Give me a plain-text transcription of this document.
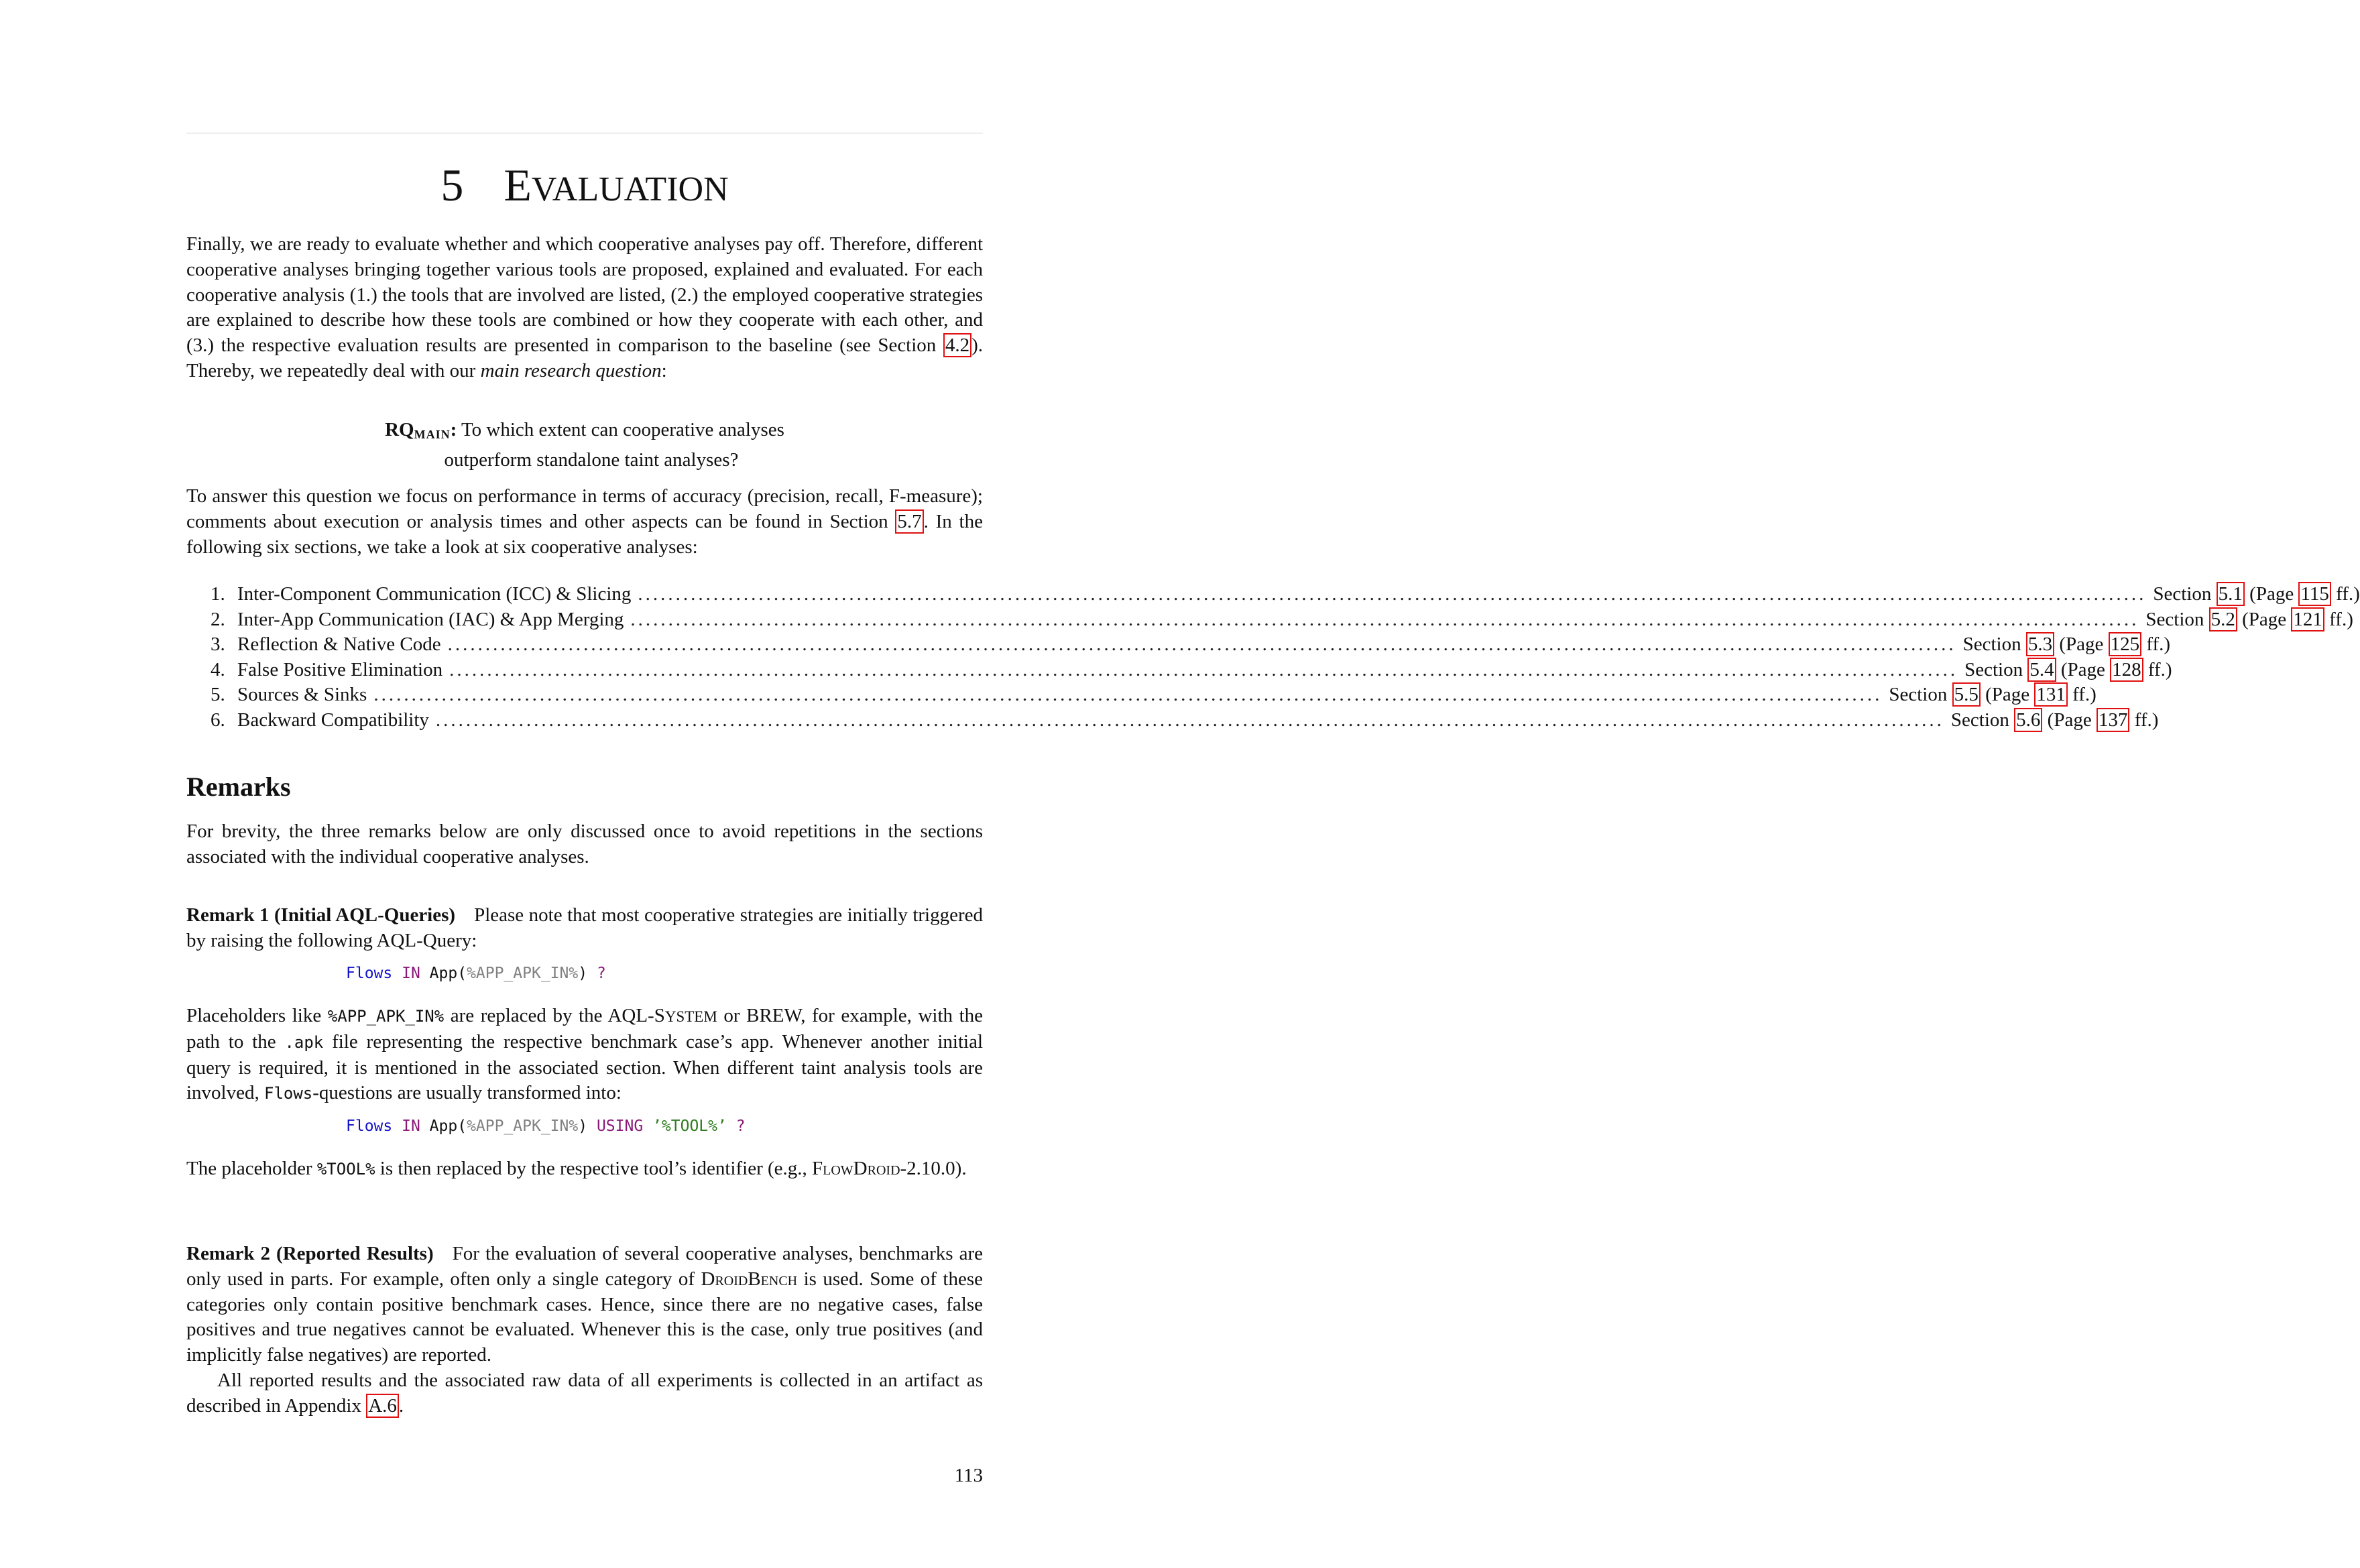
5 EVALUATION
Finally, we are ready to evaluate whether and which cooperative analyses pay off. Therefore, different cooperative analyses bringing together various tools are proposed, explained and evaluated. For each cooperative analysis (1.) the tools that are involved are listed, (2.) the employed cooperative strategies are explained to describe how these tools are combined or how they cooperate with each other, and (3.) the respective evaluation results are presented in comparison to the baseline (see Section 4.2 ). Thereby, we repeatedly deal with our main research question:
$RQ_{MAIN}$: To which extent can cooperative analyses
outperform standalone taint analyses?
To answer this question we focus on performance in terms of accuracy (precision, recall, F-measure); comments about execution or analysis times and other aspects can be found in Section 5.7 . In the following six sections, we take a look at six cooperative analyses:
1. Inter-Component Communication (ICC) & Slicing ........................................................................................................................................................................................................ Section 5.1 (Page 115 ff.)
2. Inter-App Communication (IAC) & App Merging ........................................................................................................................................................................................................ Section 5.2 (Page 121 ff.)
3. Reflection & Native Code ........................................................................................................................................................................................................ Section 5.3 (Page 125 ff.)
4. False Positive Elimination ........................................................................................................................................................................................................ Section 5.4 (Page 128 ff.)
5. Sources & Sinks ........................................................................................................................................................................................................ Section 5.5 (Page 131 ff.)
6. Backward Compatibility ........................................................................................................................................................................................................ Section 5.6 (Page 137 ff.)
Remarks
For brevity, the three remarks below are only discussed once to avoid repetitions in the sections associated with the individual cooperative analyses.
Remark 1 (Initial AQL-Queries) Please note that most cooperative strategies are initially triggered by raising the following AQL-Query:
Flows IN App(%APP_APK_IN%) ?
Placeholders like %APP_APK_IN% are replaced by the AQL-SYSTEM or BREW, for example, with the path to the .apk file representing the respective benchmark case’s app. Whenever another initial query is required, it is mentioned in the associated section. When different taint analysis tools are involved, Flows-questions are usually transformed into:
Flows IN App(%APP_APK_IN%) USING ’%TOOL%’ ?
The placeholder %TOOL% is then replaced by the respective tool’s identifier (e.g., FlowDroid-2.10.0).
Remark 2 (Reported Results) For the evaluation of several cooperative analyses, benchmarks are only used in parts. For example, often only a single category of DroidBench is used. Some of these categories only contain positive benchmark cases. Hence, since there are no negative cases, false positives and true negatives cannot be evaluated. Whenever this is the case, only true positives (and implicitly false negatives) are reported.
All reported results and the associated raw data of all experiments is collected in an artifact as described in Appendix A.6 .
113
